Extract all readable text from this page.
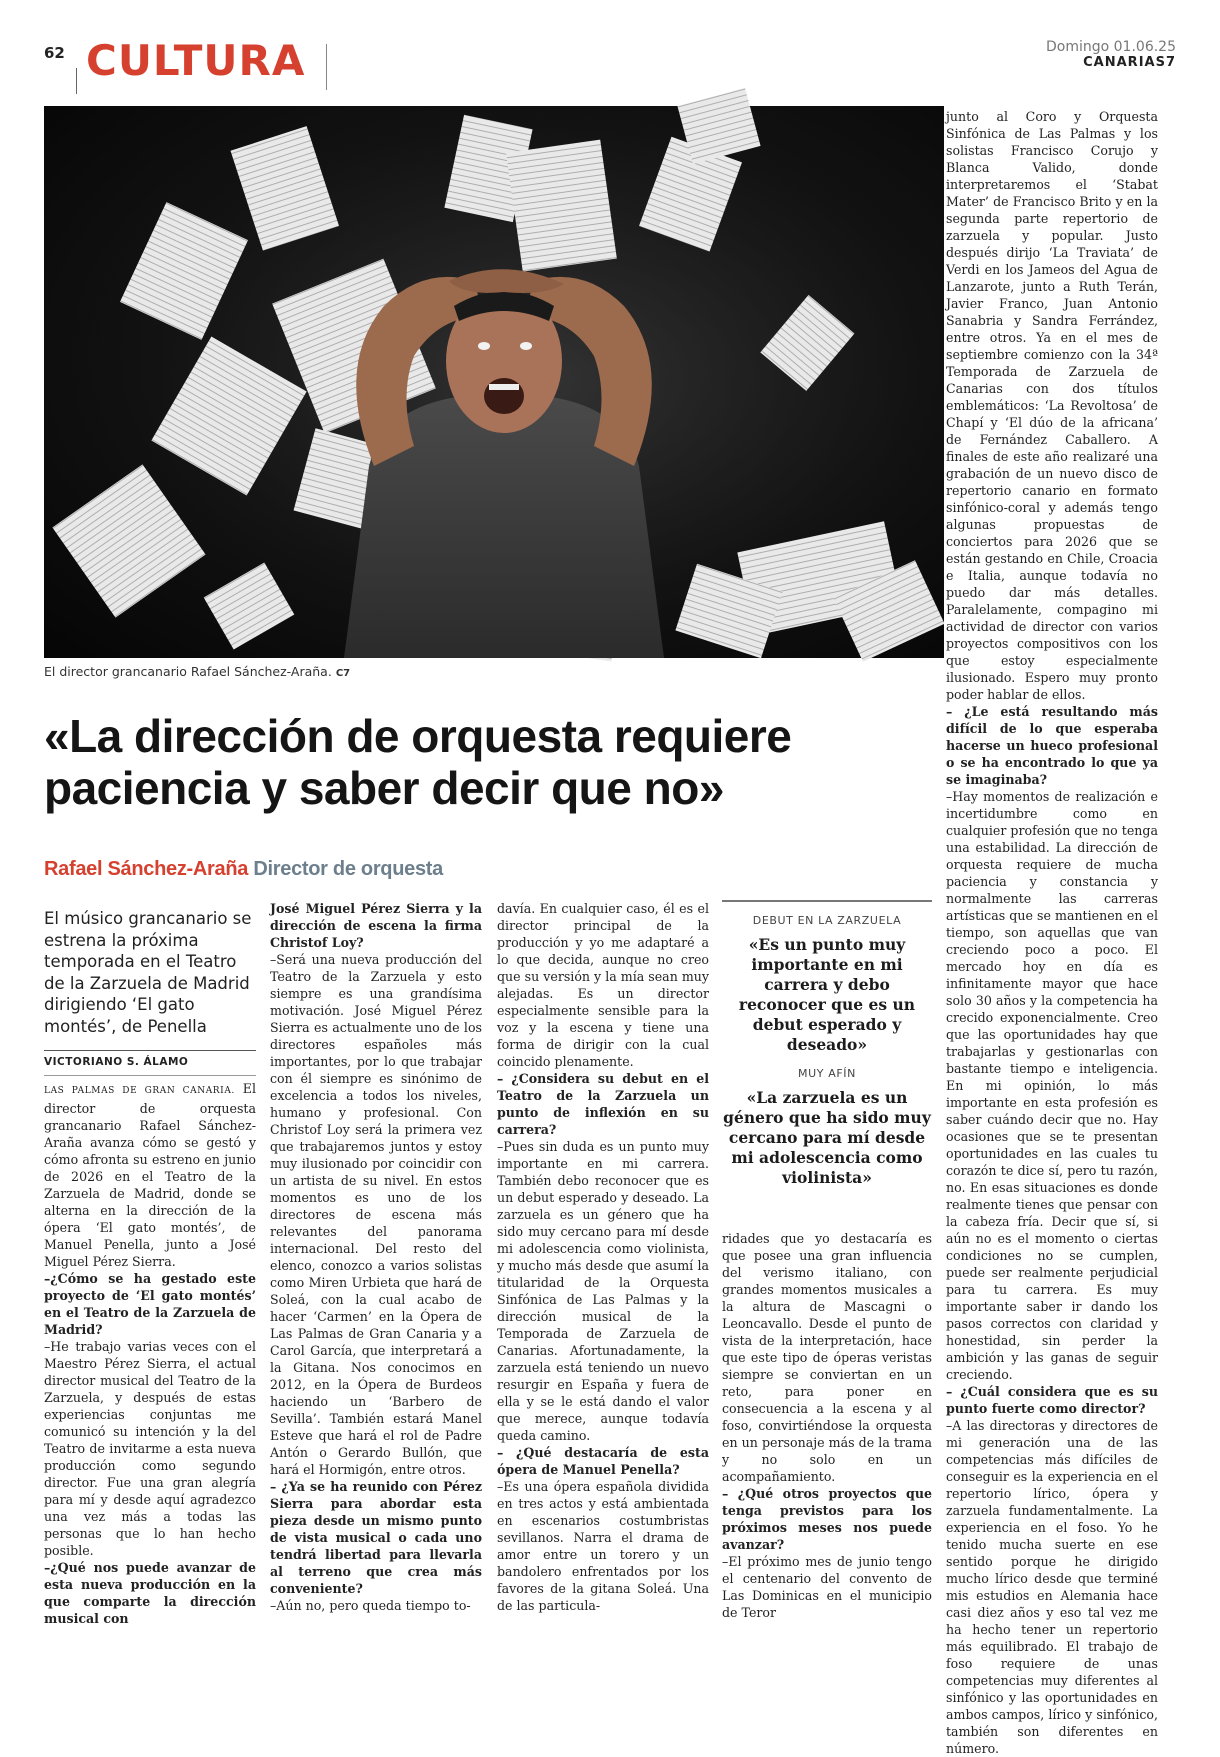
62 CULTURA	Domingo 01.06.25
CANARIAS7
El director grancanario Rafael Sánchez-Araña. C7
«La dirección de orquesta requiere paciencia y saber decir que no»
Rafael Sánchez-Araña Director de orquesta
El músico grancanario se estrena la próxima temporada en el Teatro de la Zarzuela de Madrid dirigiendo ‘El gato montés’, de Penella
VICTORIANO S. ÁLAMO

LAS PALMAS DE GRAN CANARIA. El director de orquesta grancanario Rafael Sánchez-Araña avanza cómo se gestó y cómo afronta su estreno en junio de 2026 en el Teatro de la Zarzuela de Madrid, donde se alterna en la dirección de la ópera ‘El gato montés’, de Manuel Penella, junto a José Miguel Pérez Sierra.

–¿Cómo se ha gestado este proyecto de ‘El gato montés’ en el Teatro de la Zarzuela de Madrid?

–He trabajo varias veces con el Maestro Pérez Sierra, el actual director musical del Teatro de la Zarzuela, y después de estas experiencias conjuntas me comunicó su intención y la del Teatro de invitarme a esta nueva producción como segundo director. Fue una gran alegría para mí y desde aquí agradezco una vez más a todas las personas que lo han hecho posible.

–¿Qué nos puede avanzar de esta nueva producción en la que comparte la dirección musical con

José Miguel Pérez Sierra y la dirección de escena la firma Christof Loy?

–Será una nueva producción del Teatro de la Zarzuela y esto siempre es una grandísima motivación. José Miguel Pérez Sierra es actualmente uno de los directores españoles más importantes, por lo que trabajar con él siempre es sinónimo de excelencia a todos los niveles, humano y profesional. Con Christof Loy será la primera vez que trabajaremos juntos y estoy muy ilusionado por coincidir con un artista de su nivel. En estos momentos es uno de los directores de escena más relevantes del panorama internacional. Del resto del elenco, conozco a varios solistas como Miren Urbieta que hará de Soleá, con la cual acabo de hacer ‘Carmen’ en la Ópera de Las Palmas de Gran Canaria y a Carol García, que interpretará a la Gitana. Nos conocimos en 2012, en la Ópera de Burdeos haciendo un ‘Barbero de Sevilla’. También estará Manel Esteve que hará el rol de Padre Antón o Gerardo Bullón, que hará el Hormigón, entre otros.

– ¿Ya se ha reunido con Pérez Sierra para abordar esta pieza desde un mismo punto de vista musical o cada uno tendrá libertad para llevarla al terreno que crea más conveniente?

–Aún no, pero queda tiempo to-

davía. En cualquier caso, él es el director principal de la producción y yo me adaptaré a lo que decida, aunque no creo que su versión y la mía sean muy alejadas. Es un director especialmente sensible para la voz y la escena y tiene una forma de dirigir con la cual coincido plenamente.

– ¿Considera su debut en el Teatro de la Zarzuela un punto de inflexión en su carrera?

–Pues sin duda es un punto muy importante en mi carrera. También debo reconocer que es un debut esperado y deseado. La zarzuela es un género que ha sido muy cercano para mí desde mi adolescencia como violinista, y mucho más desde que asumí la titularidad de la Orquesta Sinfónica de Las Palmas y la dirección musical de la Temporada de Zarzuela de Canarias. Afortunadamente, la zarzuela está teniendo un nuevo resurgir en España y fuera de ella y se le está dando el valor que merece, aunque todavía queda camino.

– ¿Qué destacaría de esta ópera de Manuel Penella?

–Es una ópera española dividida en tres actos y está ambientada en escenarios costumbristas sevillanos. Narra el drama de amor entre un torero y un bandolero enfrentados por los favores de la gitana Soleá. Una de las particula-

DEBUT EN LA ZARZUELA
«Es un punto muy importante en mi carrera y debo reconocer que es un debut esperado y deseado»
MUY AFÍN
«La zarzuela es un género que ha sido muy cercano para mí desde mi adolescencia como violinista»

ridades que yo destacaría es que posee una gran influencia del verismo italiano, con grandes momentos musicales a la altura de Mascagni o Leoncavallo. Desde el punto de vista de la interpretación, hace que este tipo de óperas veristas siempre se conviertan en un reto, para poner en consecuencia a la escena y al foso, convirtiéndose la orquesta en un personaje más de la trama y no solo en un acompañamiento.

– ¿Qué otros proyectos que tenga previstos para los próximos meses nos puede avanzar?

–El próximo mes de junio tengo el centenario del convento de Las Dominicas en el municipio de Teror

junto al Coro y Orquesta Sinfónica de Las Palmas y los solistas Francisco Corujo y Blanca Valido, donde interpretaremos el ‘Stabat Mater’ de Francisco Brito y en la segunda parte repertorio de zarzuela y popular. Justo después dirijo ‘La Traviata’ de Verdi en los Jameos del Agua de Lanzarote, junto a Ruth Terán, Javier Franco, Juan Antonio Sanabria y Sandra Ferrández, entre otros. Ya en el mes de septiembre comienzo con la 34ª Temporada de Zarzuela de Canarias con dos títulos emblemáticos: ‘La Revoltosa’ de Chapí y ‘El dúo de la africana’ de Fernández Caballero. A finales de este año realizaré una grabación de un nuevo disco de repertorio canario en formato sinfónico-coral y además tengo algunas propuestas de conciertos para 2026 que se están gestando en Chile, Croacia e Italia, aunque todavía no puedo dar más detalles. Paralelamente, compagino mi actividad de director con varios proyectos compositivos con los que estoy especialmente ilusionado. Espero muy pronto poder hablar de ellos.

– ¿Le está resultando más difícil de lo que esperaba hacerse un hueco profesional o se ha encontrado lo que ya se imaginaba?

–Hay momentos de realización e incertidumbre como en cualquier profesión que no tenga una estabilidad. La dirección de orquesta requiere de mucha paciencia y constancia y normalmente las carreras artísticas que se mantienen en el tiempo, son aquellas que van creciendo poco a poco. El mercado hoy en día es infinitamente mayor que hace solo 30 años y la competencia ha crecido exponencialmente. Creo que las oportunidades hay que trabajarlas y gestionarlas con bastante tiempo e inteligencia. En mi opinión, lo más importante en esta profesión es saber cuándo decir que no. Hay ocasiones que se te presentan oportunidades en las cuales tu corazón te dice sí, pero tu razón, no. En esas situaciones es donde realmente tienes que pensar con la cabeza fría. Decir que sí, si aún no es el momento o ciertas condiciones no se cumplen, puede ser realmente perjudicial para tu carrera. Es muy importante saber ir dando los pasos correctos con claridad y honestidad, sin perder la ambición y las ganas de seguir creciendo.

– ¿Cuál considera que es su punto fuerte como director?

–A las directoras y directores de mi generación una de las competencias más difíciles de conseguir es la experiencia en el repertorio lírico, ópera y zarzuela fundamentalmente. La experiencia en el foso. Yo he tenido mucha suerte en ese sentido porque he dirigido mucho lírico desde que terminé mis estudios en Alemania hace casi diez años y eso tal vez me ha hecho tener un repertorio más equilibrado. El trabajo de foso requiere de unas competencias muy diferentes al sinfónico y las oportunidades en ambos campos, lírico y sinfónico, también son diferentes en número.
